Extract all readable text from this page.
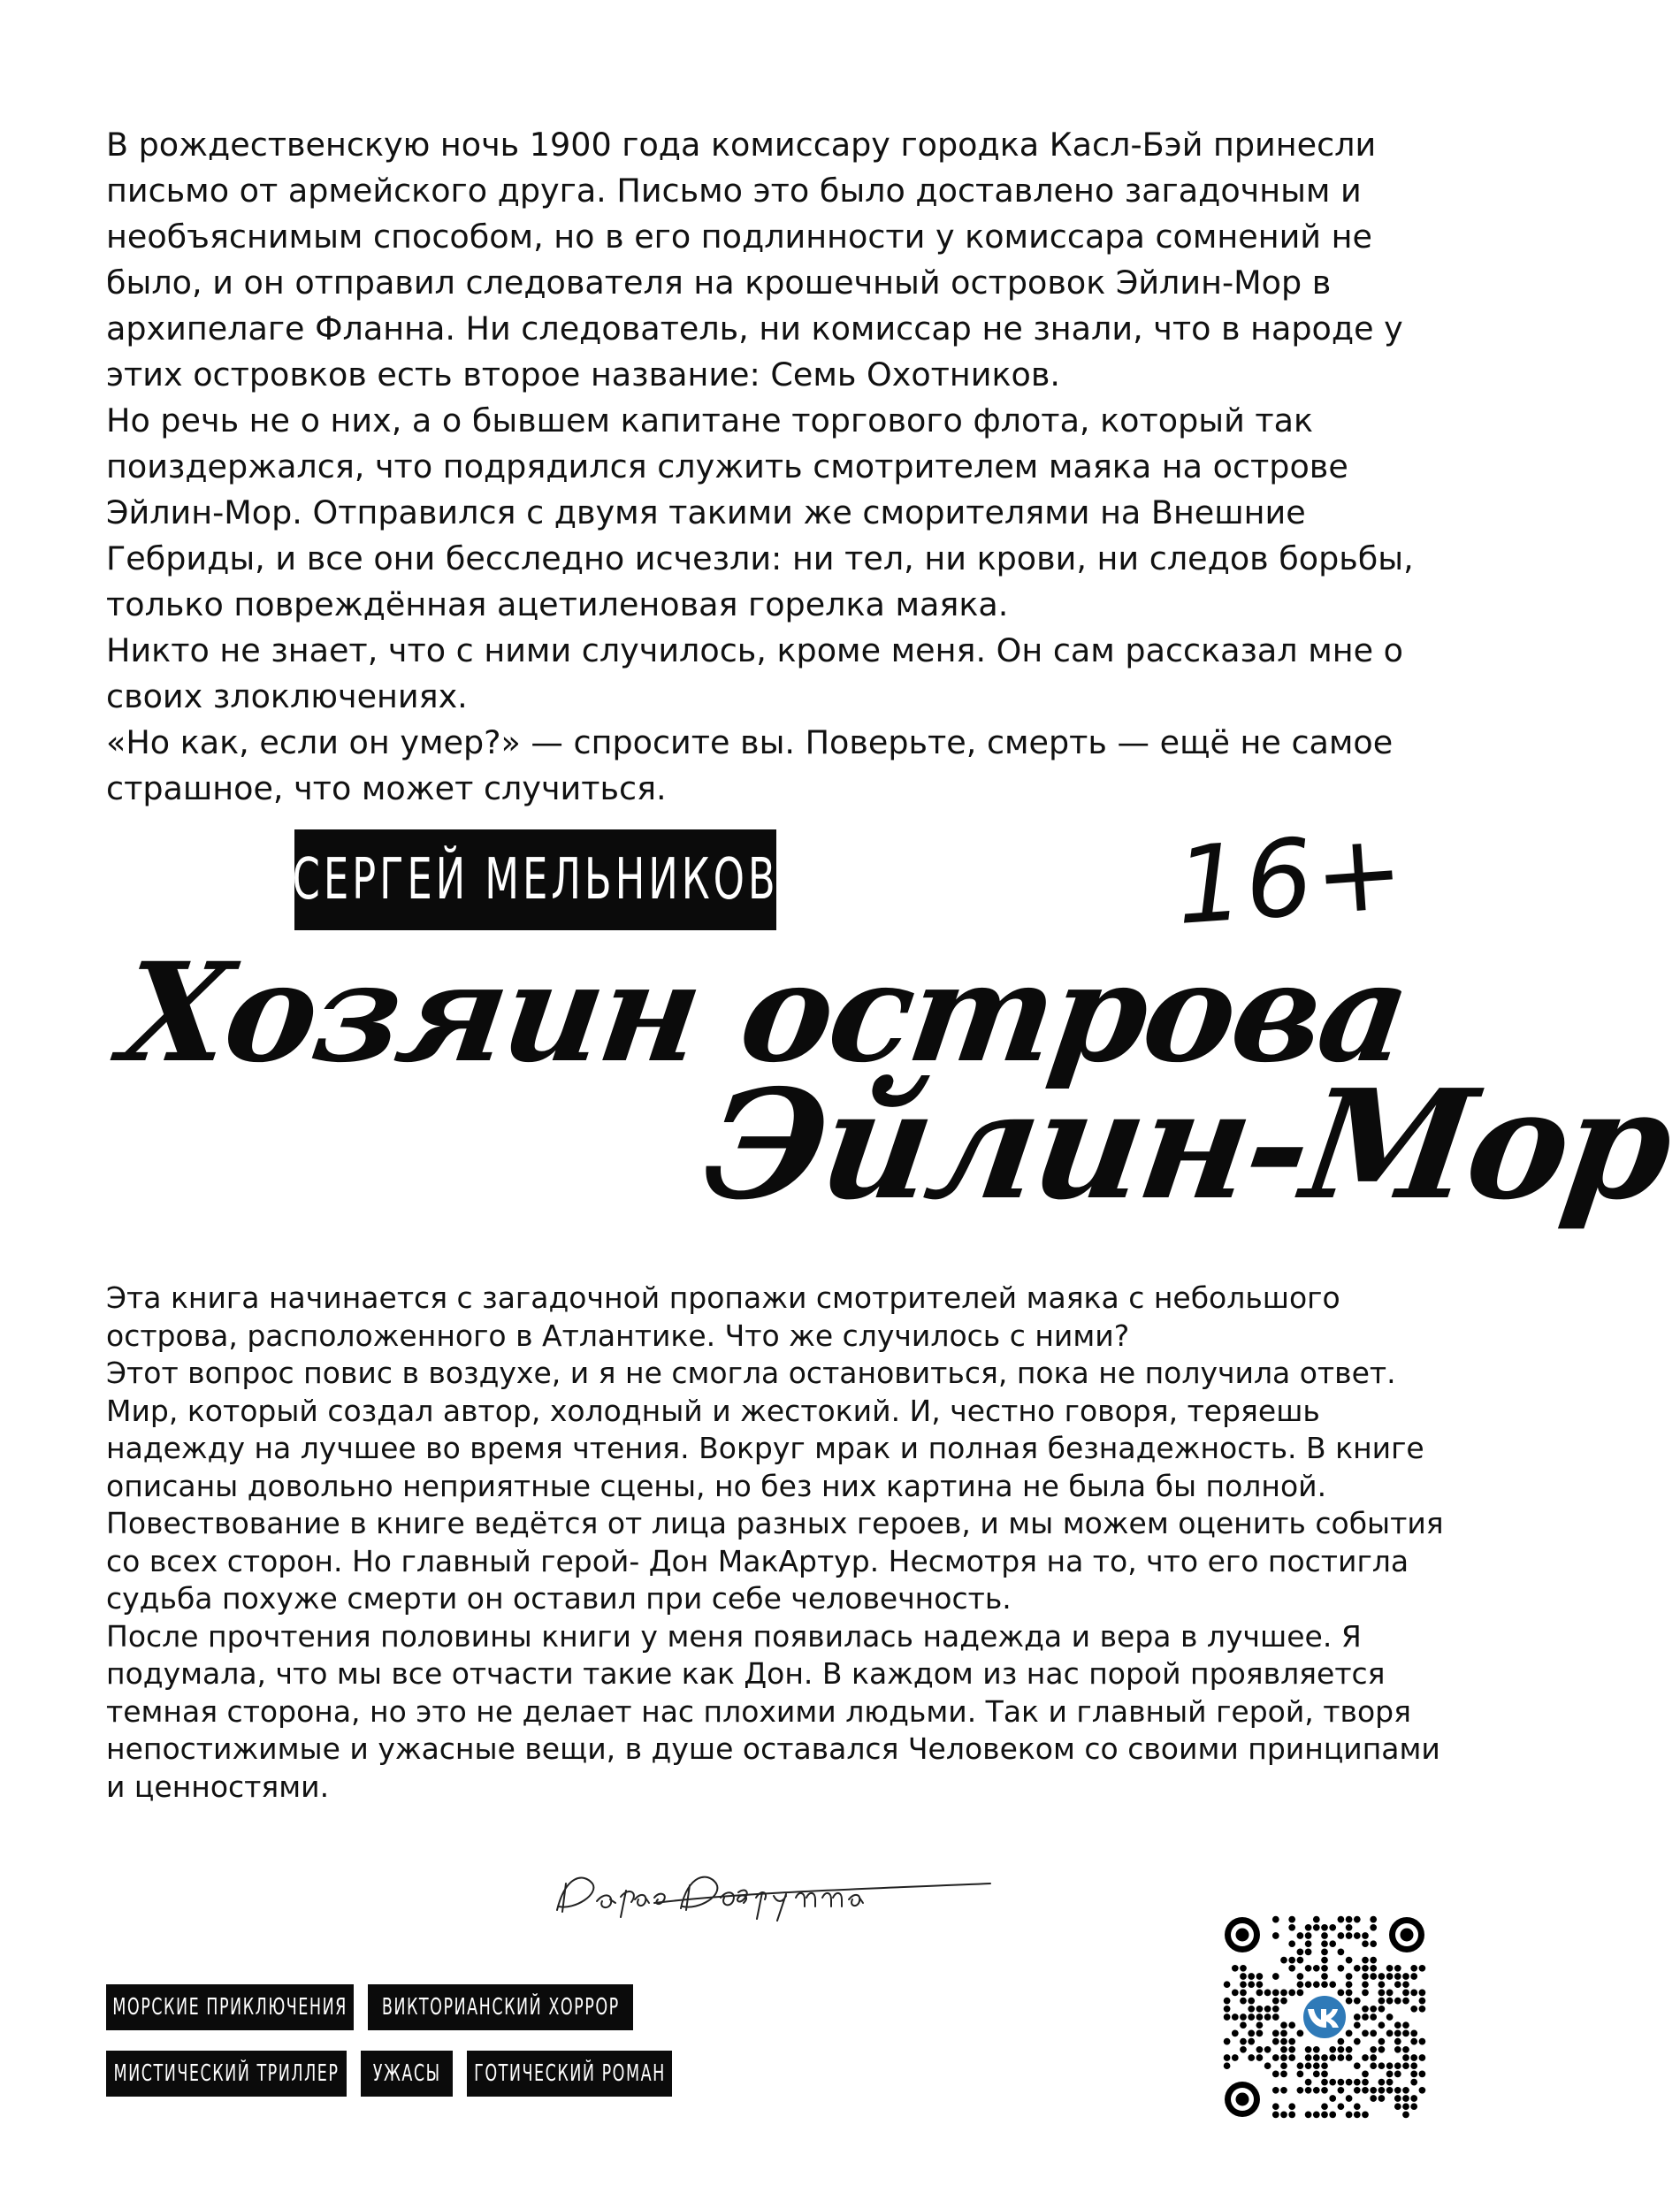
В рождественскую ночь 1900 года комиссару городка Касл-Бэй принесли письмо от армейского друга. Письмо это было доставлено загадочным и необъяснимым способом, но в его подлинности у комиссара сомнений не было, и он отправил следователя на крошечный островок Эйлин-Мор в архипелаге Фланна. Ни следователь, ни комиссар не знали, что в народе у этих островков есть второе название: Семь Охотников.

Но речь не о них, а о бывшем капитане торгового флота, который так поиздержался, что подрядился служить смотрителем маяка на острове Эйлин-Мор. Отправился с двумя такими же сморителями на Внешние Гебриды, и все они бесследно исчезли: ни тел, ни крови, ни следов борьбы, только повреждённая ацетиленовая горелка маяка.

Никто не знает, что с ними случилось, кроме меня. Он сам рассказал мне о своих злоключениях.

«Но как, если он умер?» — спросите вы. Поверьте, смерть — ещё не самое страшное, что может случиться.

СЕРГЕЙ МЕЛЬНИКОВ	16+
Хозяин острова
Эйлин-Мор

Эта книга начинается с загадочной пропажи смотрителей маяка с небольшого острова, расположенного в Атлантике. Что же случилось с ними?

Этот вопрос повис в воздухе, и я не смогла остановиться, пока не получила ответ. Мир, который создал автор, холодный и жестокий. И, честно говоря, теряешь надежду на лучшее во время чтения. Вокруг мрак и полная безнадежность. В книге описаны довольно неприятные сцены, но без них картина не была бы полной.

Повествование в книге ведётся от лица разных героев, и мы можем оценить события со всех сторон. Но главный герой- Дон МакАртур. Несмотря на то, что его постигла судьба похуже смерти он оставил при себе человечность.

После прочтения половины книги у меня появилась надежда и вера в лучшее. Я подумала, что мы все отчасти такие как Дон. В каждом из нас порой проявляется темная сторона, но это не делает нас плохими людьми. Так и главный герой, творя непостижимые и ужасные вещи, в душе оставался Человеком со своими принципами и ценностями.

МОРСКИЕ ПРИКЛЮЧЕНИЯ ВИКТОРИАНСКИЙ ХОРРОР
МИСТИЧЕСКИЙ ТРИЛЛЕР УЖАСЫ ГОТИЧЕСКИЙ РОМАН
